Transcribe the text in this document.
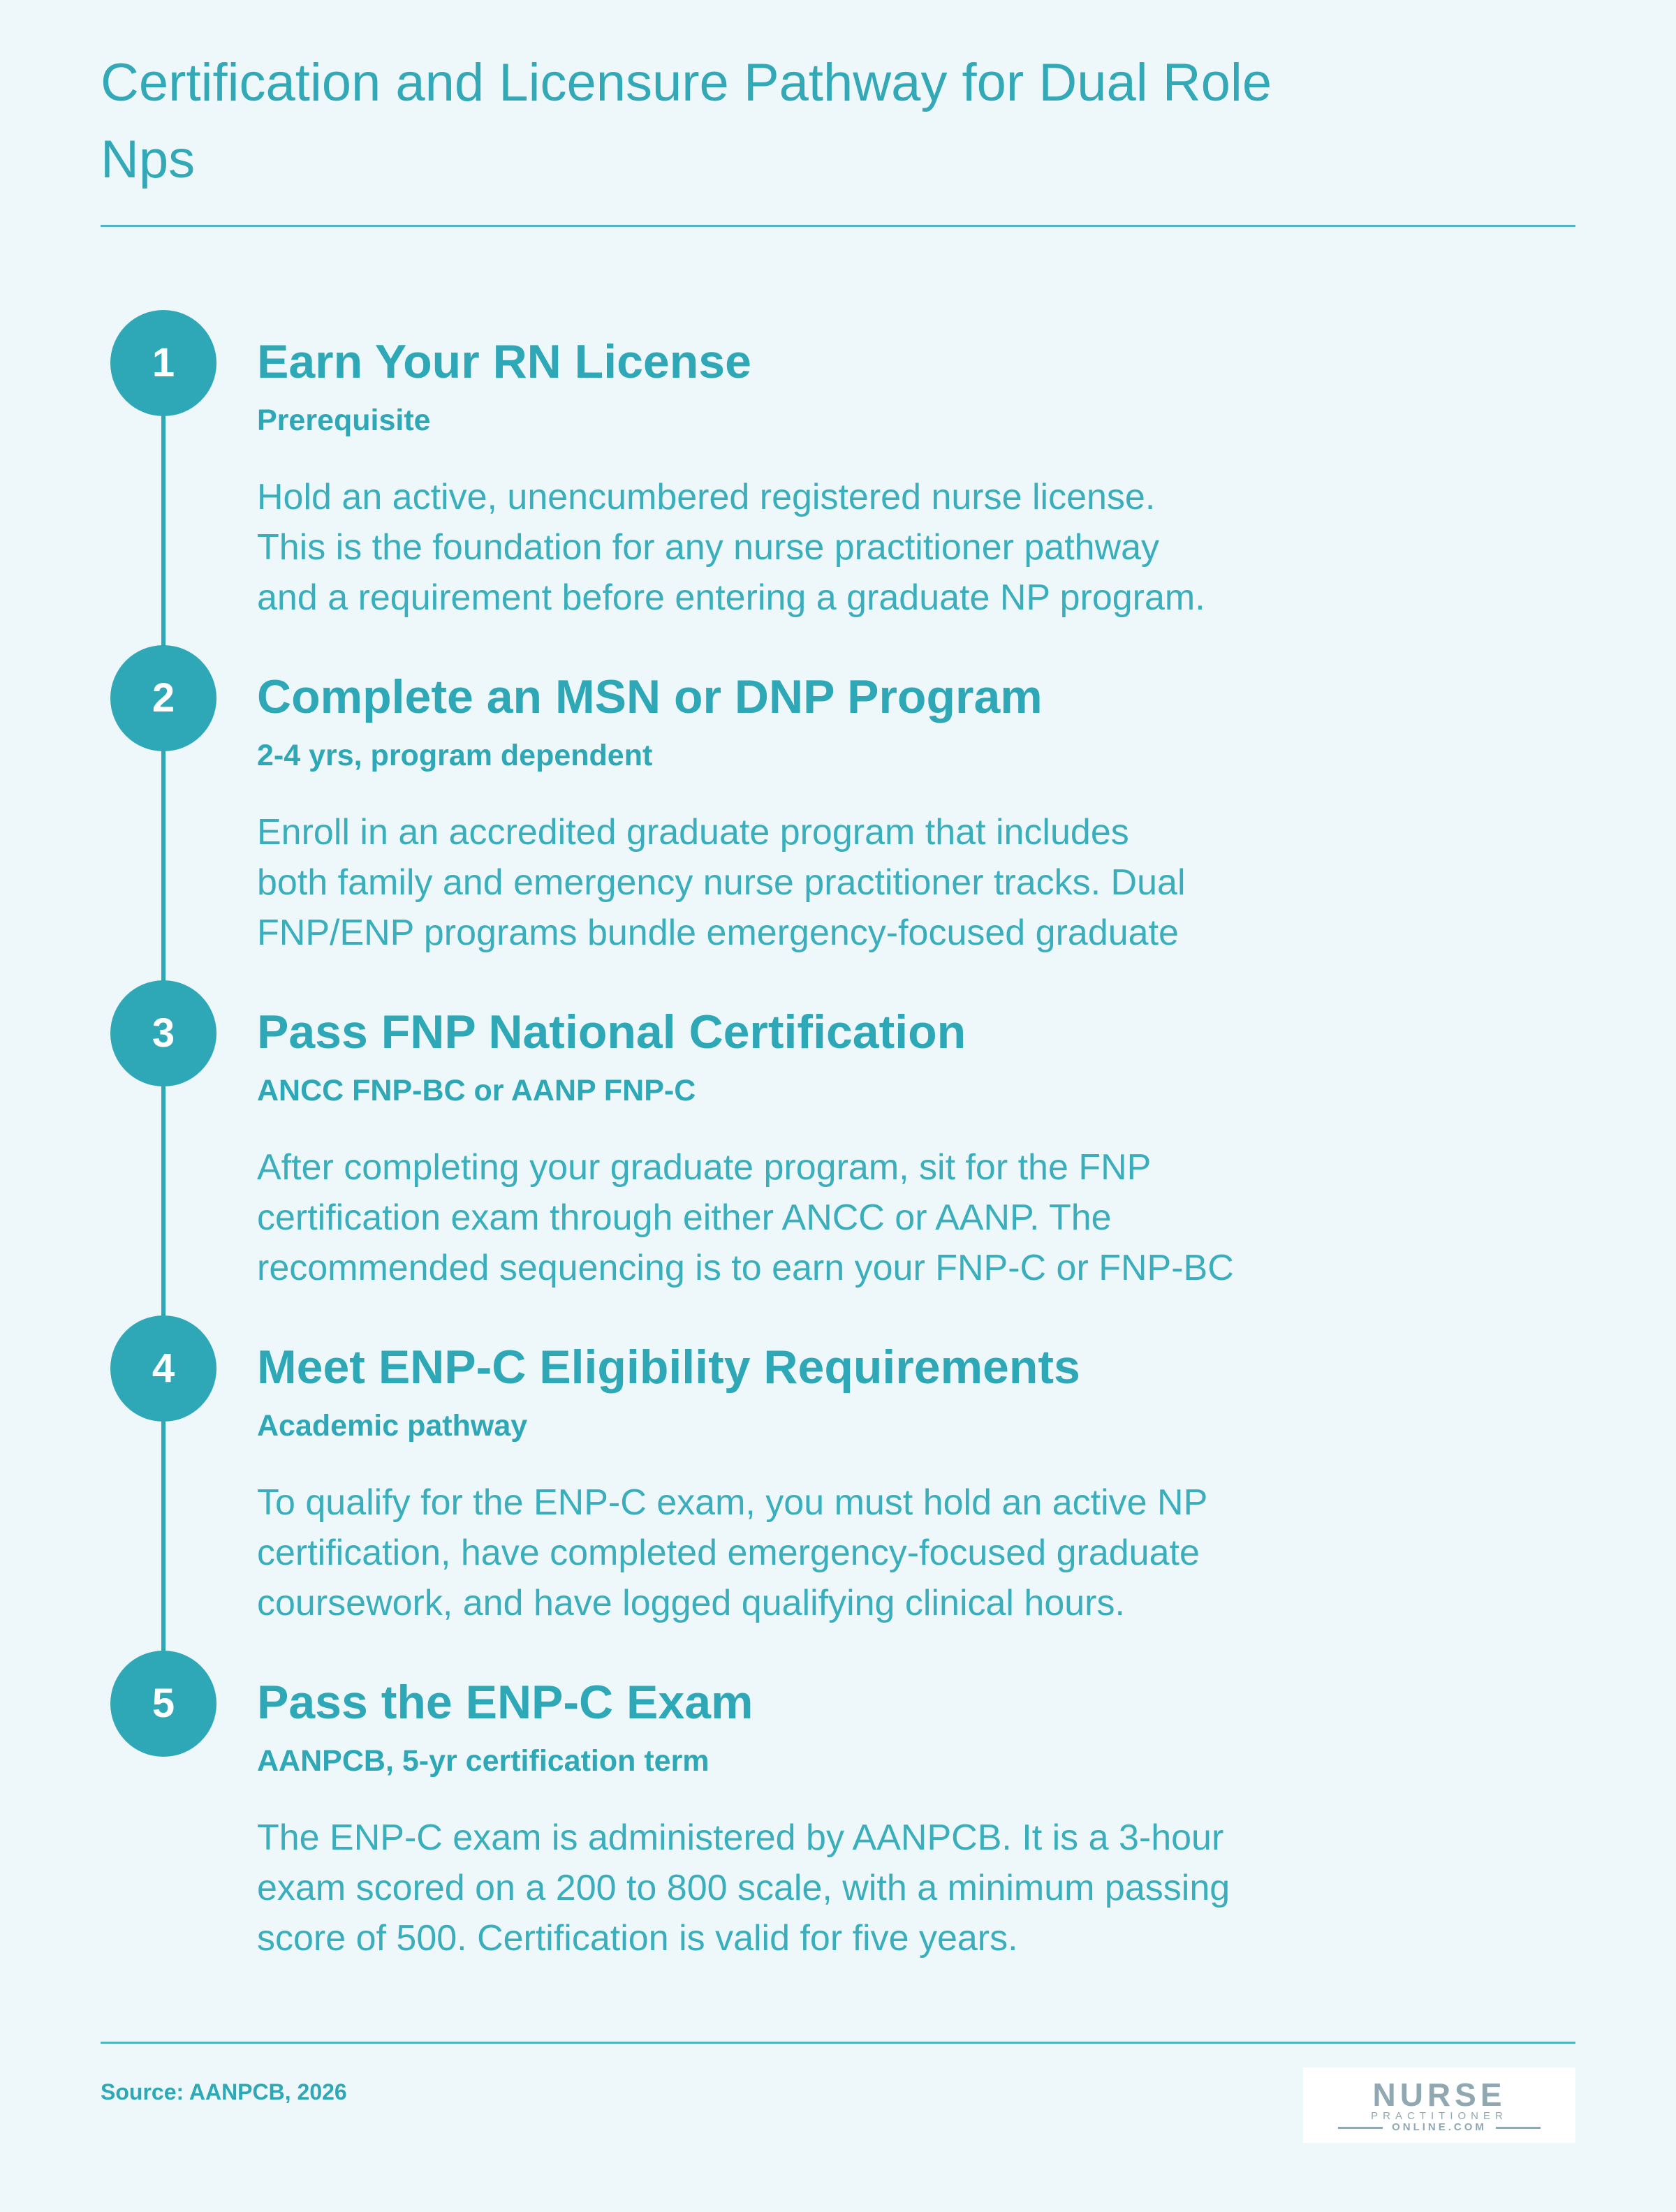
Certification and Licensure Pathway for Dual Role Nps
1	Earn Your RN License
Prerequisite

Hold an active, unencumbered registered nurse license.
This is the foundation for any nurse practitioner pathway
and a requirement before entering a graduate NP program.

2	Complete an MSN or DNP Program
2-4 yrs, program dependent

Enroll in an accredited graduate program that includes
both family and emergency nurse practitioner tracks. Dual
FNP/ENP programs bundle emergency-focused graduate

3	Pass FNP National Certification
ANCC FNP-BC or AANP FNP-C

After completing your graduate program, sit for the FNP
certification exam through either ANCC or AANP. The
recommended sequencing is to earn your FNP-C or FNP-BC

4	Meet ENP-C Eligibility Requirements
Academic pathway

To qualify for the ENP-C exam, you must hold an active NP
certification, have completed emergency-focused graduate
coursework, and have logged qualifying clinical hours.

5	Pass the ENP-C Exam
AANPCB, 5-yr certification term

The ENP-C exam is administered by AANPCB. It is a 3-hour
exam scored on a 200 to 800 scale, with a minimum passing
score of 500. Certification is valid for five years.

Source: AANPCB, 2026	NURSE
PRACTITIONER
ONLINE.COM
